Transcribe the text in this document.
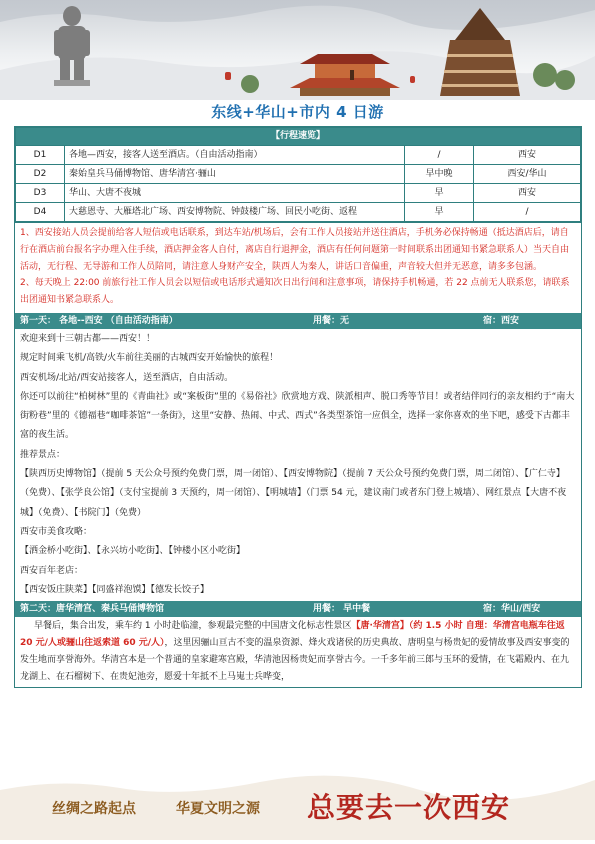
东线+华山+市内 4 日游
【行程速览】			
D1	各地—西安，接客人送至酒店。（自由活动指南）	/	西安
D2	秦始皇兵马俑博物馆、唐华清宫·骊山	早中晚	西安/华山
D3	华山、大唐不夜城	早	西安
D4	大慈恩寺、大雁塔北广场、西安博物院、钟鼓楼广场、回民小吃街、返程	早	/
1、西安接站人员会提前给客人短信或电话联系，到达车站/机场后，会有工作人员接站并送往酒店，手机务必保持畅通（抵达酒店后，请自行在酒店前台报名字办理入住手续，酒店押金客人自付，离店自行退押金，酒店有任何问题第一时间联系出团通知书紧急联系人）当天自由活动，无行程、无导游和工作人员陪同，请注意人身财产安全，陕西人为秦人，讲话口音偏重，声音较大但并无恶意，请多多包涵。
2、每天晚上 22:00 前旅行社工作人员会以短信或电话形式通知次日出行间和注意事项，请保持手机畅通，若 22 点前无人联系您，请联系出团通知书紧急联系人。
第一天： 各地--西安 （自由活动指南）	用餐：无	宿：西安

欢迎来到十三朝古都——西安！！

规定时间乘飞机/高铁/火车前往美丽的古城西安开始愉快的旅程！

西安机场/北站/西安站接客人，送至酒店，自由活动。

你还可以前往“柏树林”里的《青曲社》或“案板街”里的《易俗社》欣赏地方戏、陕派相声、脱口秀等节目！或者结伴同行的亲友相约于“南大街粉巷”里的《德福巷“咖啡茶馆”一条街》，这里“安静、热闹、中式、西式”各类型茶馆一应俱全，选择一家你喜欢的坐下吧，感受下古都丰富的夜生活。

推荐景点：

【陕西历史博物馆】（提前 5 天公众号预约免费门票，周一闭馆）、【西安博物院】（提前 7 天公众号预约免费门票，周二闭馆）、【广仁寺】（免费）、【张学良公馆】（支付宝提前 3 天预约，周一闭馆）、【明城墙】（门票 54 元，建议南门或者东门登上城墙）、网红景点【大唐不夜城】（免费）、【书院门】（免费）

西安市美食攻略：

【洒金桥小吃街】、【永兴坊小吃街】、【钟楼小区小吃街】

西安百年老店：

【西安饭庄陕菜】【同盛祥泡馍】【德发长饺子】

第二天：唐华清宫、秦兵马俑博物馆	用餐： 早中餐	宿：华山/西安
早餐后，集合出发，乘车约 1 小时赴临潼，参观最完整的中国唐文化标志性景区【唐·华清宫】（约 1.5 小时 自理：华清宫电瓶车往返 20 元/人或骊山往返索道 60 元/人），这里因骊山亘古不变的温泉资源、烽火戏诸侯的历史典故、唐明皇与杨贵妃的爱情故事及西安事变的发生地而享誉海外。华清宫本是一个普通的皇家避寒宫殿，华清池因杨贵妃而享誉古今。一千多年前三郎与玉环的爱情，在飞霜殿内、在九龙湖上、在石榴树下、在贵妃池旁，愿爱十年抵不上马嵬士兵哗变，
丝绸之路起点	华夏文明之源 总要去一次西安
